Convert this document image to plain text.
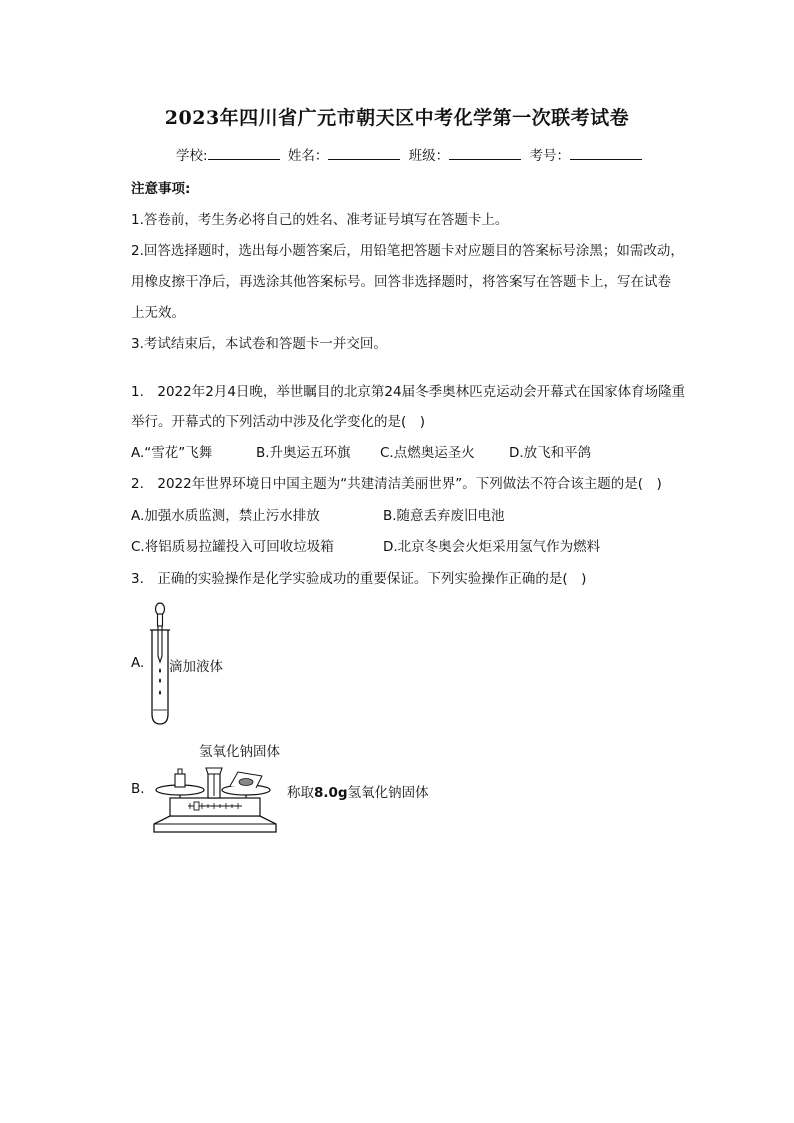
2023年四川省广元市朝天区中考化学第一次联考试卷
学校:	姓名：	班级：	考号：
注意事项:
1.答卷前，考生务必将自己的姓名、准考证号填写在答题卡上。
2.回答选择题时，选出每小题答案后，用铅笔把答题卡对应题目的答案标号涂黑；如需改动，
用橡皮擦干净后，再选涂其他答案标号。回答非选择题时，将答案写在答题卡上，写在试卷
上无效。
3.考试结束后，本试卷和答题卡一并交回。
1.　2022年2月4日晚，举世瞩目的北京第24届冬季奥林匹克运动会开幕式在国家体育场隆重
举行。开幕式的下列活动中涉及化学变化的是(　)
A.“雪花”飞舞	B.升奥运五环旗 C.点燃奥运圣火	D.放飞和平鸽
2.　2022年世界环境日中国主题为“共建清洁美丽世界”。下列做法不符合该主题的是(　)
A.加强水质监测，禁止污水排放	B.随意丢弃废旧电池
C.将铝质易拉罐投入可回收垃圾箱	D.北京冬奥会火炬采用氢气作为燃料
3.　正确的实验操作是化学实验成功的重要保证。下列实验操作正确的是(　)
A. 滴加液体
氢氧化钠固体
B.	称取8.0g氢氧化钠固体
